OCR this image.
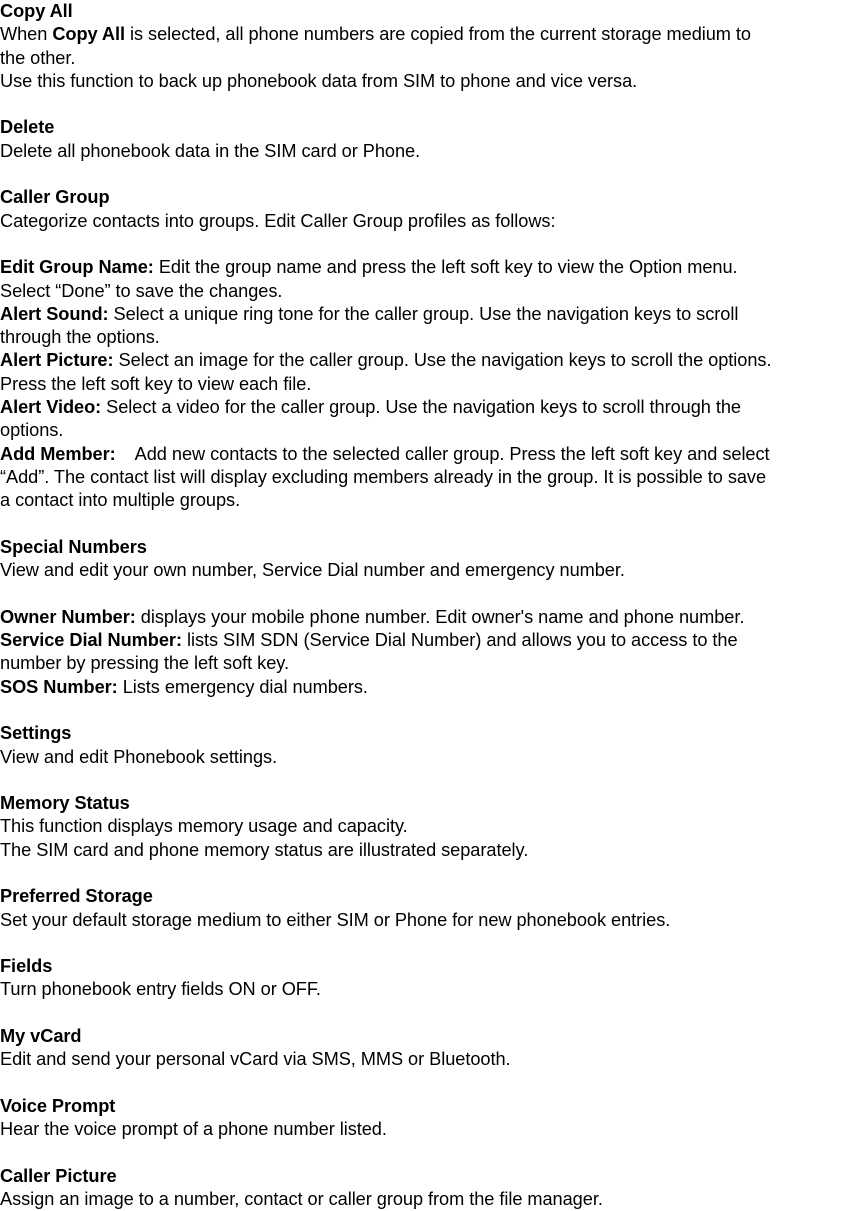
Copy All
When Copy All is selected, all phone numbers are copied from the current storage medium to
the other.
Use this function to back up phonebook data from SIM to phone and vice versa.
Delete
Delete all phonebook data in the SIM card or Phone.
Caller Group
Categorize contacts into groups. Edit Caller Group profiles as follows:
Edit Group Name: Edit the group name and press the left soft key to view the Option menu.
Select “Done” to save the changes.
Alert Sound: Select a unique ring tone for the caller group. Use the navigation keys to scroll
through the options.
Alert Picture: Select an image for the caller group. Use the navigation keys to scroll the options.
Press the left soft key to view each file.
Alert Video: Select a video for the caller group. Use the navigation keys to scroll through the
options.
Add Member:    Add new contacts to the selected caller group. Press the left soft key and select
“Add”. The contact list will display excluding members already in the group. It is possible to save
a contact into multiple groups.
Special Numbers
View and edit your own number, Service Dial number and emergency number.
Owner Number: displays your mobile phone number. Edit owner's name and phone number.
Service Dial Number: lists SIM SDN (Service Dial Number) and allows you to access to the
number by pressing the left soft key.
SOS Number: Lists emergency dial numbers.
Settings
View and edit Phonebook settings.
Memory Status
This function displays memory usage and capacity.
The SIM card and phone memory status are illustrated separately.
Preferred Storage
Set your default storage medium to either SIM or Phone for new phonebook entries.
Fields
Turn phonebook entry fields ON or OFF.
My vCard
Edit and send your personal vCard via SMS, MMS or Bluetooth.
Voice Prompt
Hear the voice prompt of a phone number listed.
Caller Picture
Assign an image to a number, contact or caller group from the file manager.
